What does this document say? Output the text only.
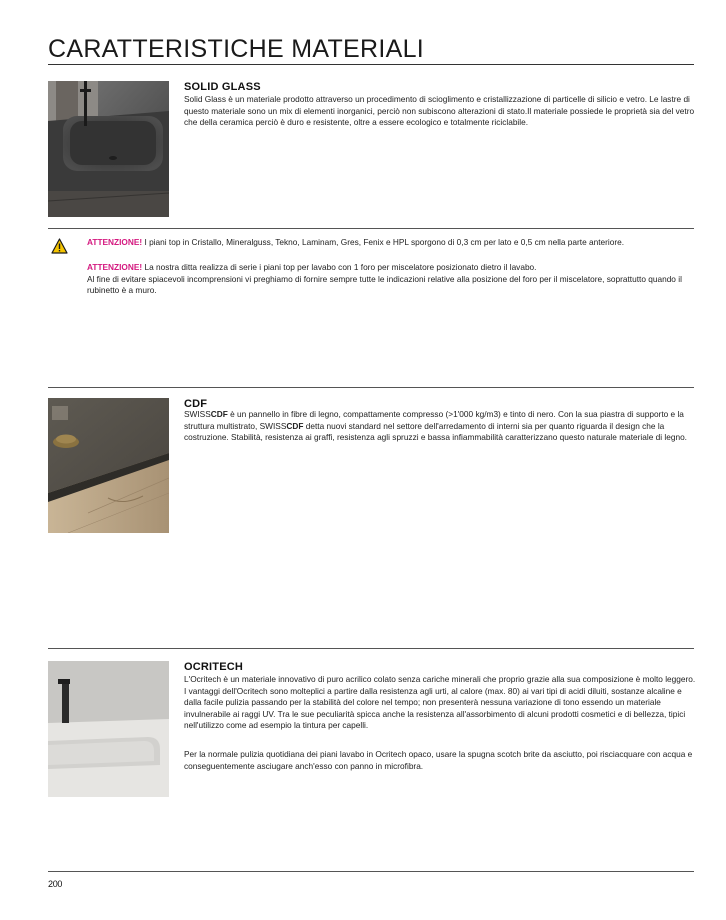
CARATTERISTICHE MATERIALI
SOLID GLASS

Solid Glass è un materiale prodotto attraverso un procedimento di scioglimento e cristallizzazione di particelle di silicio e vetro. Le lastre di questo materiale sono un mix di elementi inorganici, perciò non subiscono alterazioni di stato.Il materiale possiede le proprietà sia del vetro che della ceramica perciò è duro e resistente, oltre a essere ecologico e totalmente riciclabile.

ATTENZIONE! I piani top in Cristallo, Mineralguss, Tekno, Laminam, Gres, Fenix e HPL sporgono di 0,3 cm per lato e 0,5 cm nella parte anteriore.

ATTENZIONE! La nostra ditta realizza di serie i piani top per lavabo con 1 foro per miscelatore posizionato dietro il lavabo.
Al fine di evitare spiacevoli incomprensioni vi preghiamo di fornire sempre tutte le indicazioni relative alla posizione del foro per il miscelatore, soprattutto quando il rubinetto è a muro.

CDF

SWISSCDF è un pannello in fibre di legno, compattamente compresso (>1'000 kg/m3) e tinto di nero. Con la sua piastra di supporto e la struttura multistrato, SWISSCDF detta nuovi standard nel settore dell'arredamento di interni sia per quanto riguarda il design che la costruzione. Stabilità, resistenza ai graffi, resistenza agli spruzzi e bassa infiammabilità caratterizzano questo naturale materiale di legno.

OCRITECH

L'Ocritech è un materiale innovativo di puro acrilico colato senza cariche minerali che proprio grazie alla sua composizione è molto leggero. I vantaggi dell'Ocritech sono molteplici a partire dalla resistenza agli urti, al calore (max. 80) ai vari tipi di acidi diluiti, sostanze alcaline e dalla facile pulizia passando per la stabilità del colore nel tempo; non presenterà nessuna variazione di tono essendo un materiale invulnerabile ai raggi UV. Tra le sue peculiarità spicca anche la resistenza all'assorbimento di alcuni prodotti cosmetici e di bellezza, tipici nell'utilizzo come ad esempio la tintura per capelli.

Per la normale pulizia quotidiana dei piani lavabo in Ocritech opaco, usare la spugna scotch brite da asciutto, poi risciacquare con acqua e conseguentemente asciugare anch'esso con panno in microfibra.

200
